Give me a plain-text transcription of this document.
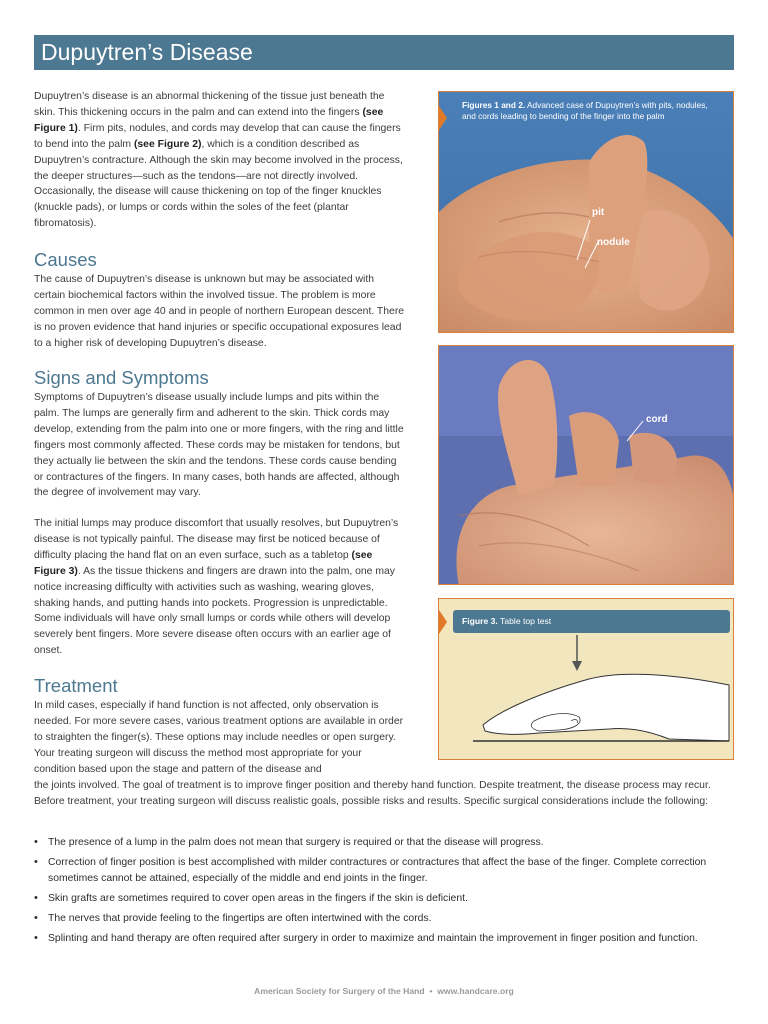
Dupuytren’s Disease

Dupuytren’s disease is an abnormal thickening of the tissue just beneath the skin. This thickening occurs in the palm and can extend into the fingers (see Figure 1). Firm pits, nodules, and cords may develop that can cause the fingers to bend into the palm (see Figure 2), which is a condition described as Dupuytren’s contracture. Although the skin may become involved in the process, the deeper structures—such as the tendons—are not directly involved. Occasionally, the disease will cause thickening on top of the finger knuckles (knuckle pads), or lumps or cords within the soles of the feet (plantar fibromatosis).

Causes

The cause of Dupuytren’s disease is unknown but may be associated with certain biochemical factors within the involved tissue. The problem is more common in men over age 40 and in people of northern European descent. There is no proven evidence that hand injuries or specific occupational exposures lead to a higher risk of developing Dupuytren’s disease.

Signs and Symptoms

Symptoms of Dupuytren’s disease usually include lumps and pits within the palm. The lumps are generally firm and adherent to the skin. Thick cords may develop, extending from the palm into one or more fingers, with the ring and little fingers most commonly affected. These cords may be mistaken for tendons, but they actually lie between the skin and the tendons. These cords cause bending or contractures of the fingers. In many cases, both hands are affected, although the degree of involvement may vary.

The initial lumps may produce discomfort that usually resolves, but Dupuytren’s disease is not typically painful. The disease may first be noticed because of difficulty placing the hand flat on an even surface, such as a tabletop (see Figure 3). As the tissue thickens and fingers are drawn into the palm, one may notice increasing difficulty with activities such as washing, wearing gloves, shaking hands, and putting hands into pockets. Progression is unpredictable. Some individuals will have only small lumps or cords while others will develop severely bent fingers. More severe disease often occurs with an earlier age of onset.

Treatment

In mild cases, especially if hand function is not affected, only observation is needed. For more severe cases, various treatment options are available in order to straighten the finger(s). These options may include needles or open surgery. Your treating surgeon will discuss the method most appropriate for your condition based upon the stage and pattern of the disease and

the joints involved. The goal of treatment is to improve finger position and thereby hand function. Despite treatment, the disease process may recur. Before treatment, your treating surgeon will discuss realistic goals, possible risks and results. Specific surgical considerations include the following:

• The presence of a lump in the palm does not mean that surgery is required or that the disease will progress.
• Correction of finger position is best accomplished with milder contractures or contractures that affect the base of the finger. Complete correction sometimes cannot be attained, especially of the middle and end joints in the finger.
• Skin grafts are sometimes required to cover open areas in the fingers if the skin is deficient.
• The nerves that provide feeling to the fingertips are often intertwined with the cords.
• Splinting and hand therapy are often required after surgery in order to maximize and maintain the improvement in finger position and function.
Figures 1 and 2. Advanced case of Dupuytren’s with pits, nodules, and cords leading to bending of the finger into the palm
pit
nodule
cord
Figure 3. Table top test
American Society for Surgery of the Hand • www.handcare.org
